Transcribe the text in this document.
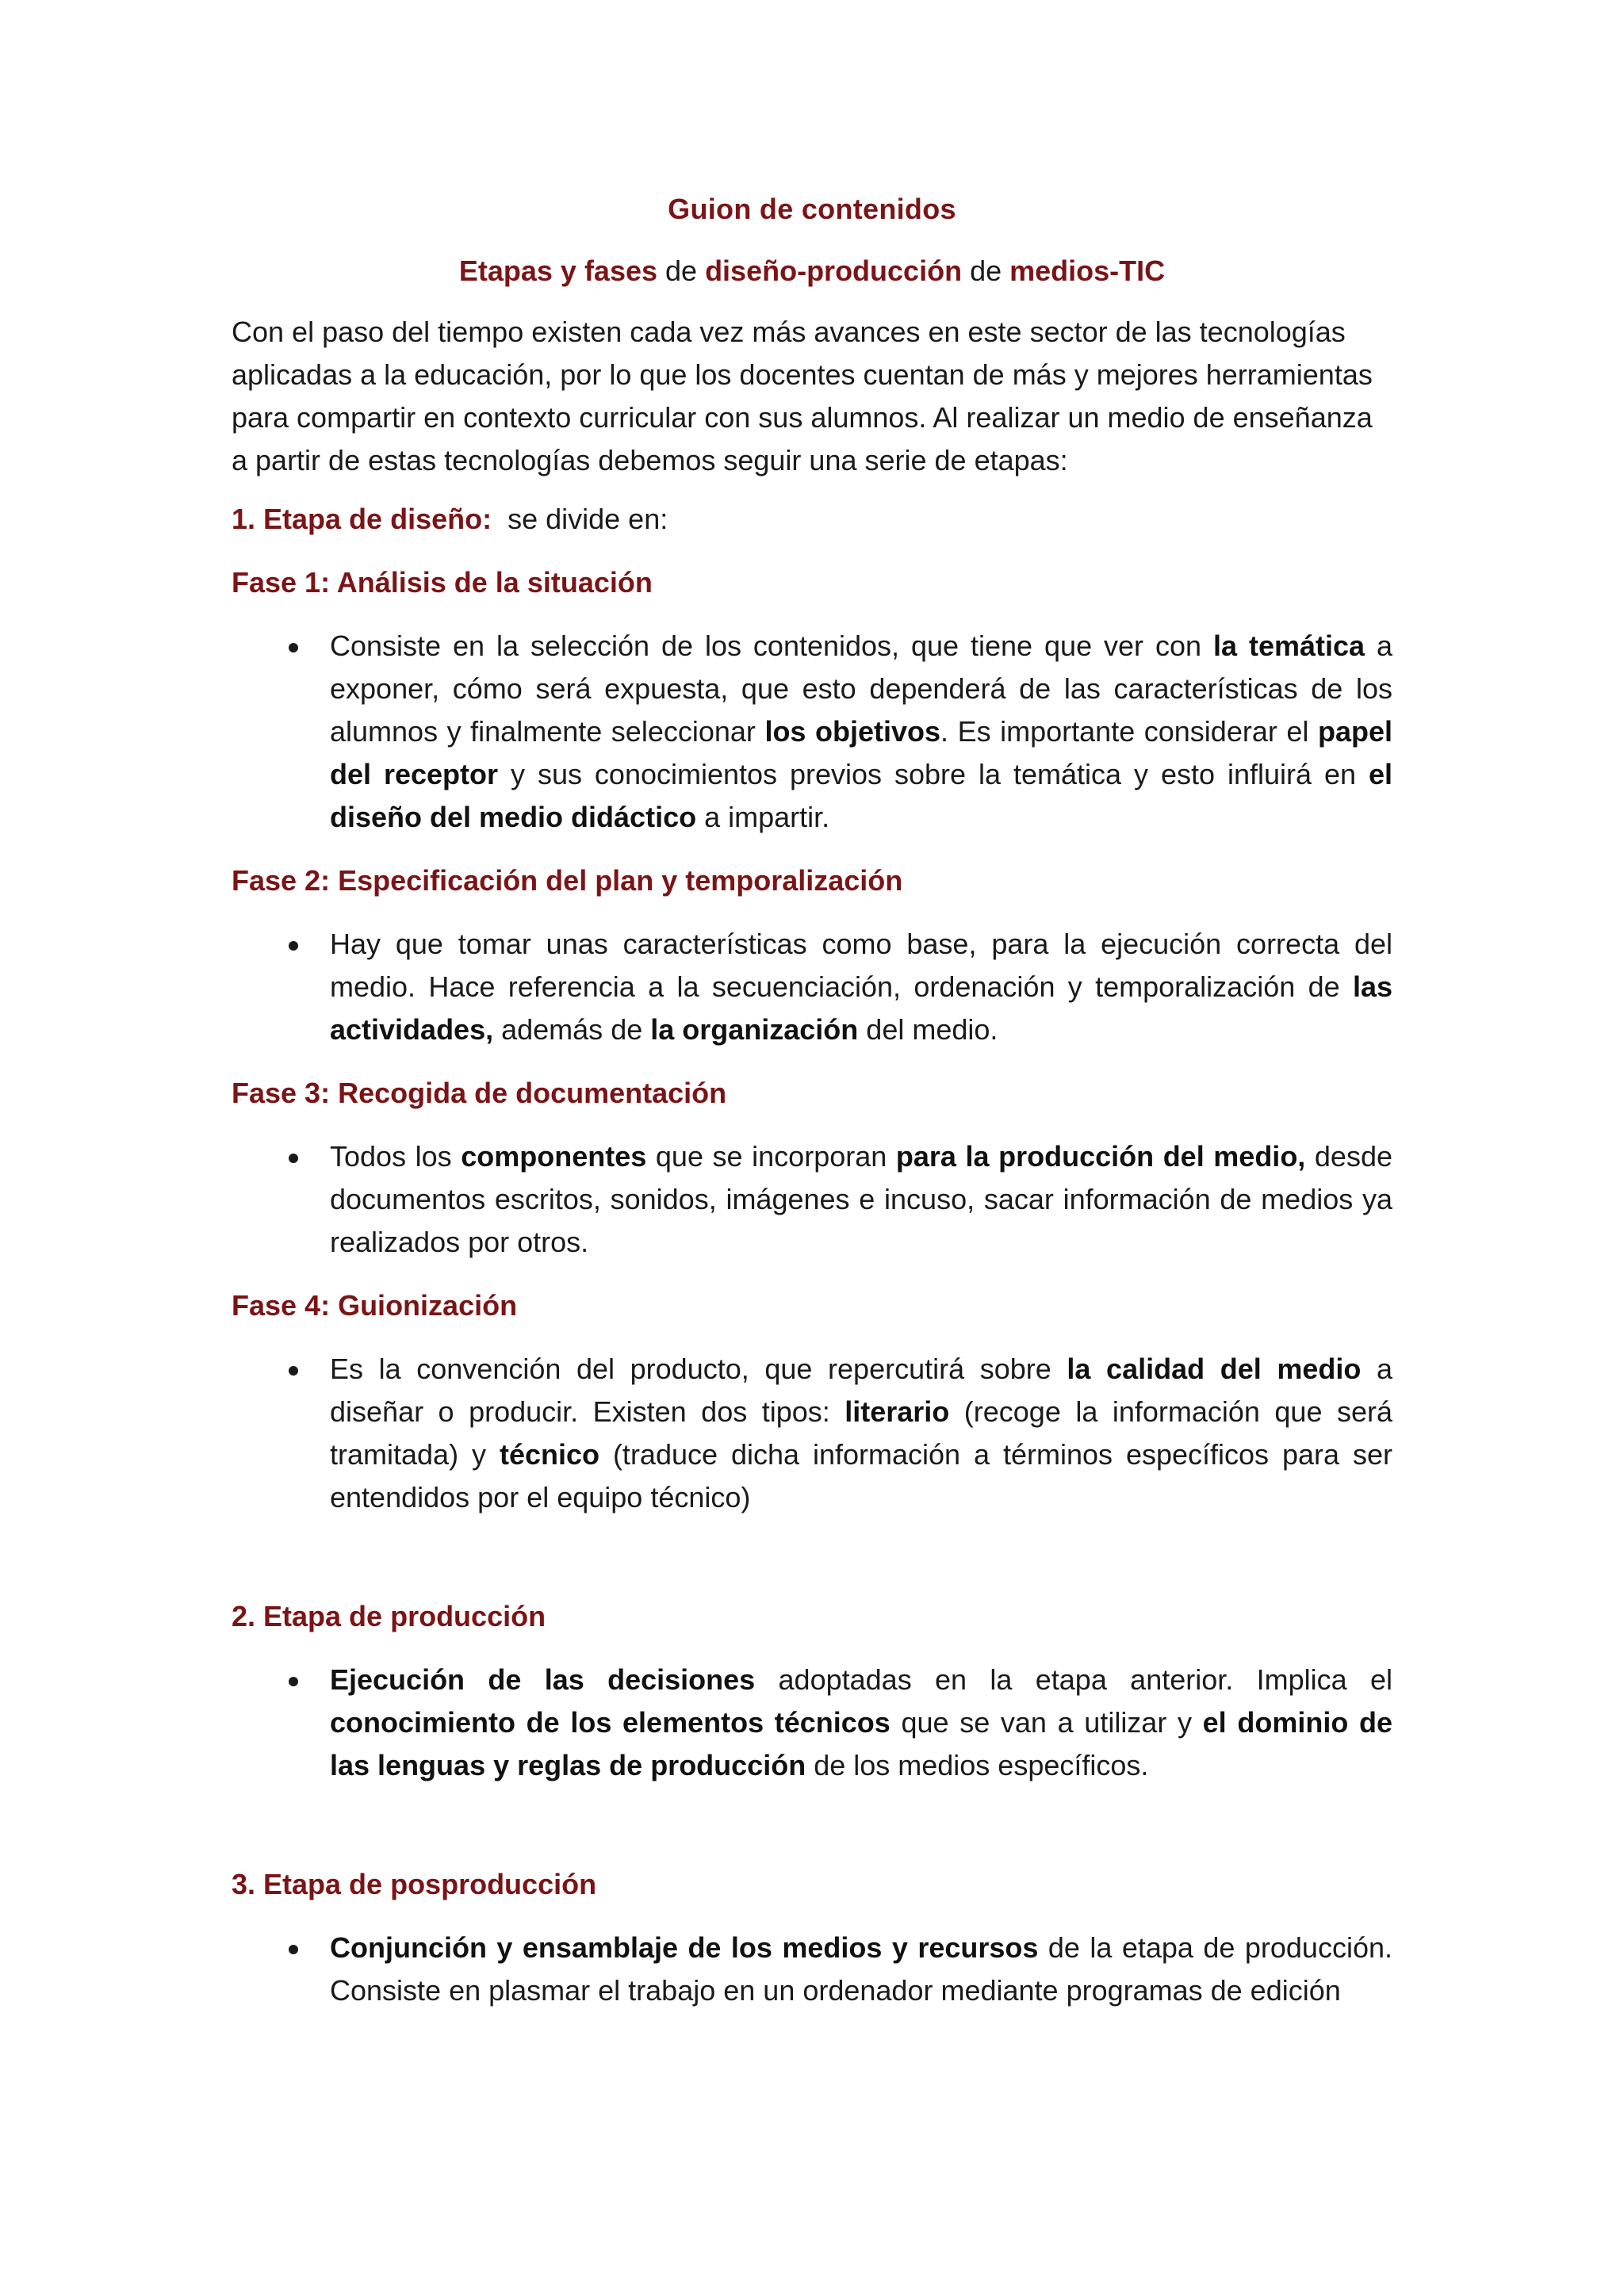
Guion de contenidos

Etapas y fases de diseño-producción de medios-TIC

Con el paso del tiempo existen cada vez más avances en este sector de las tecnologías aplicadas a la educación, por lo que los docentes cuentan de más y mejores herramientas para compartir en contexto curricular con sus alumnos. Al realizar un medio de enseñanza a partir de estas tecnologías debemos seguir una serie de etapas:

1. Etapa de diseño:  se divide en:

Fase 1: Análisis de la situación

Consiste en la selección de los contenidos, que tiene que ver con la temática a exponer, cómo será expuesta, que esto dependerá de las características de los alumnos y finalmente seleccionar los objetivos. Es importante considerar el papel del receptor y sus conocimientos previos sobre la temática y esto influirá en el diseño del medio didáctico a impartir.

Fase 2: Especificación del plan y temporalización

Hay que tomar unas características como base, para la ejecución correcta del medio. Hace referencia a la secuenciación, ordenación y temporalización de las actividades, además de la organización del medio.

Fase 3: Recogida de documentación

Todos los componentes que se incorporan para la producción del medio, desde documentos escritos, sonidos, imágenes e incuso, sacar información de medios ya realizados por otros.

Fase 4: Guionización

Es la convención del producto, que repercutirá sobre la calidad del medio a diseñar o producir. Existen dos tipos: literario (recoge la información que será tramitada) y técnico (traduce dicha información a términos específicos para ser entendidos por el equipo técnico)

2. Etapa de producción

Ejecución de las decisiones adoptadas en la etapa anterior. Implica el conocimiento de los elementos técnicos que se van a utilizar y el dominio de las lenguas y reglas de producción de los medios específicos.

3. Etapa de posproducción

Conjunción y ensamblaje de los medios y recursos de la etapa de producción. Consiste en plasmar el trabajo en un ordenador mediante programas de edición
